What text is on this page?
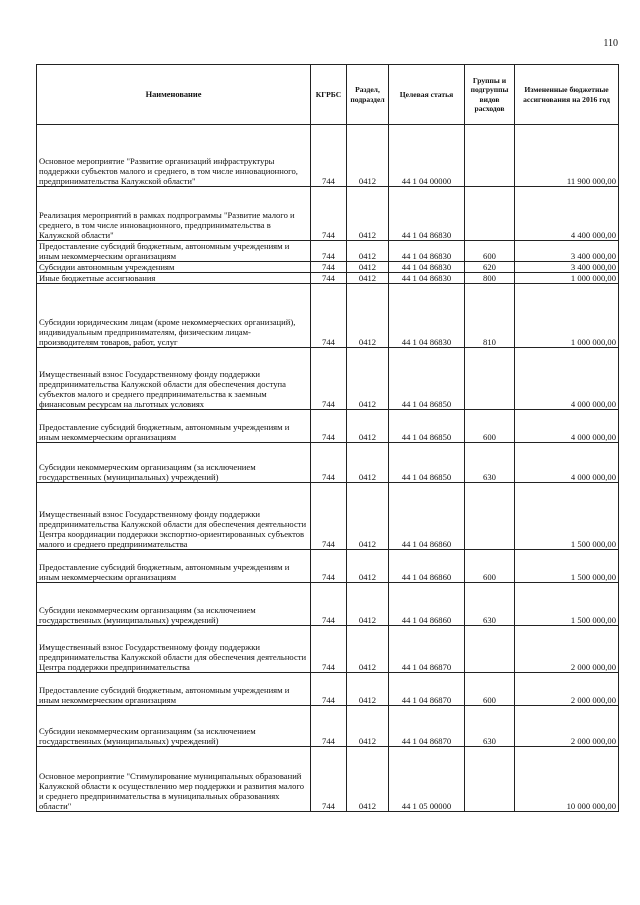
110
Наименование	КГРБС	Раздел, подраздел	Целевая статья	Группы и подгруппы видов расходов	Измененные бюджетные ассигнования на 2016 год
Основное мероприятие "Развитие организаций инфраструктуры поддержки субъектов малого и среднего, в том числе инновационного, предпринимательства Калужской области"	744	0412	44 1 04 00000		11 900 000,00
Реализация мероприятий в рамках подпрограммы "Развитие малого и среднего, в том числе инновационного, предпринимательства в Калужской области"	744	0412	44 1 04 86830		4 400 000,00
Предоставление субсидий бюджетным, автономным учреждениям и иным некоммерческим организациям	744	0412	44 1 04 86830	600	3 400 000,00
Субсидии автономным учреждениям	744	0412	44 1 04 86830	620	3 400 000,00
Иные бюджетные ассигнования	744	0412	44 1 04 86830	800	1 000 000,00
Субсидии юридическим лицам (кроме некоммерческих организаций), индивидуальным предпринимателям, физическим лицам-производителям товаров, работ, услуг	744	0412	44 1 04 86830	810	1 000 000,00
Имущественный взнос Государственному фонду поддержки предпринимательства Калужской области для обеспечения доступа субъектов малого и среднего предпринимательства к заемным финансовым ресурсам на льготных условиях	744	0412	44 1 04 86850		4 000 000,00
Предоставление субсидий бюджетным, автономным учреждениям и иным некоммерческим организациям	744	0412	44 1 04 86850	600	4 000 000,00
Субсидии некоммерческим организациям (за исключением государственных (муниципальных) учреждений)	744	0412	44 1 04 86850	630	4 000 000,00
Имущественный взнос Государственному фонду поддержки предпринимательства Калужской области для обеспечения деятельности Центра координации поддержки экспортно-ориентированных субъектов малого и среднего предпринимательства	744	0412	44 1 04 86860		1 500 000,00
Предоставление субсидий бюджетным, автономным учреждениям и иным некоммерческим организациям	744	0412	44 1 04 86860	600	1 500 000,00
Субсидии некоммерческим организациям (за исключением государственных (муниципальных) учреждений)	744	0412	44 1 04 86860	630	1 500 000,00
Имущественный взнос Государственному фонду поддержки предпринимательства Калужской области для обеспечения деятельности Центра поддержки предпринимательства	744	0412	44 1 04 86870		2 000 000,00
Предоставление субсидий бюджетным, автономным учреждениям и иным некоммерческим организациям	744	0412	44 1 04 86870	600	2 000 000,00
Субсидии некоммерческим организациям (за исключением государственных (муниципальных) учреждений)	744	0412	44 1 04 86870	630	2 000 000,00
Основное мероприятие "Стимулирование муниципальных образований Калужской области к осуществлению мер поддержки и развития малого и среднего предпринимательства в муниципальных образованиях области"	744	0412	44 1 05 00000		10 000 000,00
